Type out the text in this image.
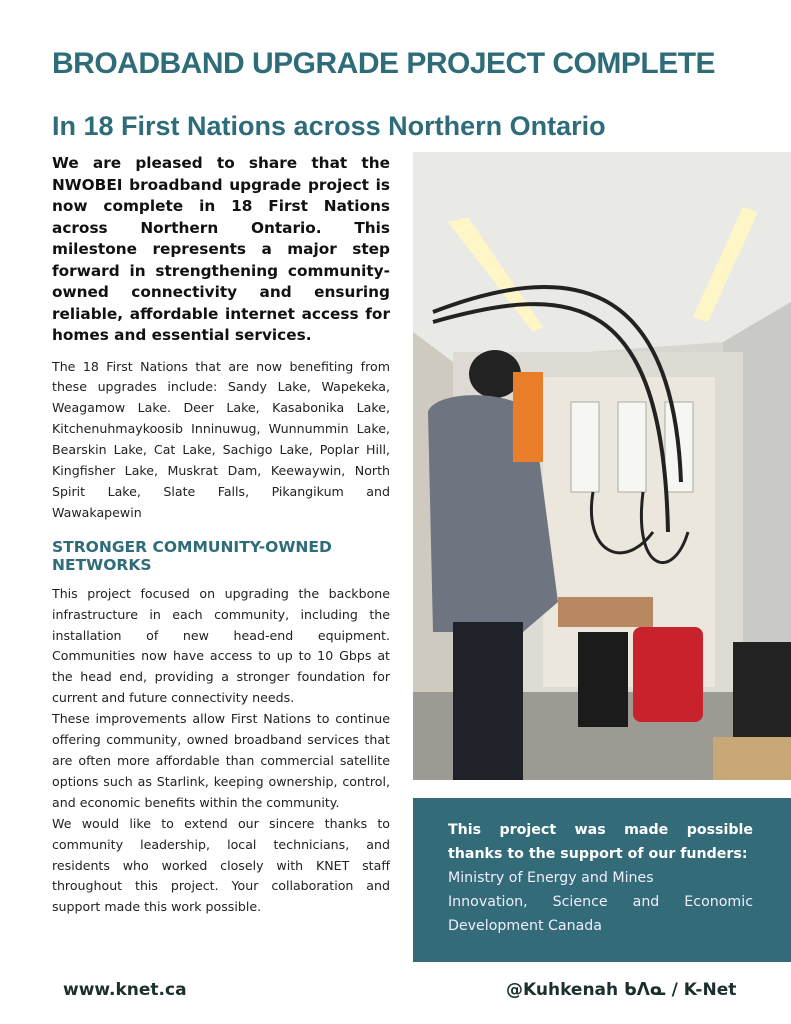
BROADBAND UPGRADE PROJECT COMPLETE
In 18 First Nations across Northern Ontario

We are pleased to share that the NWOBEI broadband upgrade project is now complete in 18 First Nations across Northern Ontario. This milestone represents a major step forward in strengthening community-owned connectivity and ensuring reliable, affordable internet access for homes and essential services.

The 18 First Nations that are now benefiting from these upgrades include: Sandy Lake, Wapekeka, Weagamow Lake. Deer Lake, Kasabonika Lake, Kitchenuhmaykoosib Inninuwug, Wunnummin Lake, Bearskin Lake, Cat Lake, Sachigo Lake, Poplar Hill, Kingfisher Lake, Muskrat Dam, Keewaywin, North Spirit Lake, Slate Falls, Pikangikum and Wawakapewin

STRONGER COMMUNITY-OWNED NETWORKS

This project focused on upgrading the backbone infrastructure in each community, including the installation of new head-end equipment. Communities now have access to up to 10 Gbps at the head end, providing a stronger foundation for current and future connectivity needs.

These improvements allow First Nations to continue offering community, owned broadband services that are often more affordable than commercial satellite options such as Starlink, keeping ownership, control, and economic benefits within the community.

We would like to extend our sincere thanks to community leadership, local technicians, and residents who worked closely with KNET staff throughout this project. Your collaboration and support made this work possible.

This project was made possible thanks to the support of our funders:

Ministry of Energy and Mines

Innovation, Science and Economic Development Canada

www.knet.ca	@Kuhkenah ᑲᐱᓇ / K-Net
